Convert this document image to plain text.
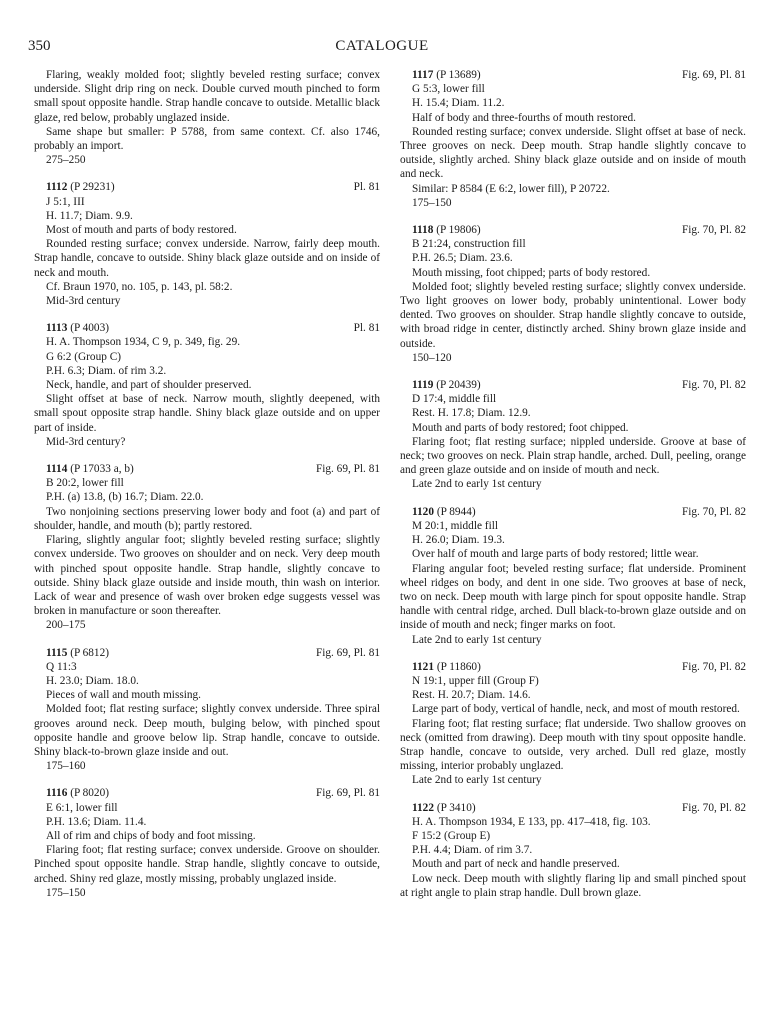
350	CATALOGUE

Flaring, weakly molded foot; slightly beveled resting surface; convex underside. Slight drip ring on neck. Double curved mouth pinched to form small spout opposite handle. Strap handle concave to outside. Metallic black glaze, red below, probably unglazed inside.

Same shape but smaller: P 5788, from same context. Cf. also 1746, probably an import.

275–250

1112 (P 29231)	Pl. 81

J 5:1, III

H. 11.7; Diam. 9.9.

Most of mouth and parts of body restored.

Rounded resting surface; convex underside. Narrow, fairly deep mouth. Strap handle, concave to outside. Shiny black glaze outside and on inside of neck and mouth.

Cf. Braun 1970, no. 105, p. 143, pl. 58:2.

Mid-3rd century

1113 (P 4003)	Pl. 81

H. A. Thompson 1934, C 9, p. 349, fig. 29.

G 6:2 (Group C)

P.H. 6.3; Diam. of rim 3.2.

Neck, handle, and part of shoulder preserved.

Slight offset at base of neck. Narrow mouth, slightly deepened, with small spout opposite strap handle. Shiny black glaze outside and on upper part of inside.

Mid-3rd century?

1114 (P 17033 a, b)	Fig. 69, Pl. 81

B 20:2, lower fill

P.H. (a) 13.8, (b) 16.7; Diam. 22.0.

Two nonjoining sections preserving lower body and foot (a) and part of shoulder, handle, and mouth (b); partly restored.

Flaring, slightly angular foot; slightly beveled resting surface; slightly convex underside. Two grooves on shoulder and on neck. Very deep mouth with pinched spout opposite handle. Strap handle, slightly concave to outside. Shiny black glaze outside and inside mouth, thin wash on interior. Lack of wear and presence of wash over broken edge suggests vessel was broken in manufacture or soon thereafter.

200–175

1115 (P 6812)	Fig. 69, Pl. 81

Q 11:3

H. 23.0; Diam. 18.0.

Pieces of wall and mouth missing.

Molded foot; flat resting surface; slightly convex underside. Three spiral grooves around neck. Deep mouth, bulging below, with pinched spout opposite handle and groove below lip. Strap handle, concave to outside. Shiny black-to-brown glaze inside and out.

175–160

1116 (P 8020)	Fig. 69, Pl. 81

E 6:1, lower fill

P.H. 13.6; Diam. 11.4.

All of rim and chips of body and foot missing.

Flaring foot; flat resting surface; convex underside. Groove on shoulder. Pinched spout opposite handle. Strap handle, slightly concave to outside, arched. Shiny red glaze, mostly missing, probably unglazed inside.

175–150

1117 (P 13689)	Fig. 69, Pl. 81

G 5:3, lower fill

H. 15.4; Diam. 11.2.

Half of body and three-fourths of mouth restored.

Rounded resting surface; convex underside. Slight offset at base of neck. Three grooves on neck. Deep mouth. Strap handle slightly concave to outside, slightly arched. Shiny black glaze outside and on inside of mouth and neck.

Similar: P 8584 (E 6:2, lower fill), P 20722.

175–150

1118 (P 19806)	Fig. 70, Pl. 82

B 21:24, construction fill

P.H. 26.5; Diam. 23.6.

Mouth missing, foot chipped; parts of body restored.

Molded foot; slightly beveled resting surface; slightly convex underside. Two light grooves on lower body, probably unintentional. Lower body dented. Two grooves on shoulder. Strap handle slightly concave to outside, with broad ridge in center, distinctly arched. Shiny brown glaze inside and outside.

150–120

1119 (P 20439)	Fig. 70, Pl. 82

D 17:4, middle fill

Rest. H. 17.8; Diam. 12.9.

Mouth and parts of body restored; foot chipped.

Flaring foot; flat resting surface; nippled underside. Groove at base of neck; two grooves on neck. Plain strap handle, arched. Dull, peeling, orange and green glaze outside and on inside of mouth and neck.

Late 2nd to early 1st century

1120 (P 8944)	Fig. 70, Pl. 82

M 20:1, middle fill

H. 26.0; Diam. 19.3.

Over half of mouth and large parts of body restored; little wear.

Flaring angular foot; beveled resting surface; flat underside. Prominent wheel ridges on body, and dent in one side. Two grooves at base of neck, two on neck. Deep mouth with large pinch for spout opposite handle. Strap handle with central ridge, arched. Dull black-to-brown glaze outside and on inside of mouth and neck; finger marks on foot.

Late 2nd to early 1st century

1121 (P 11860)	Fig. 70, Pl. 82

N 19:1, upper fill (Group F)

Rest. H. 20.7; Diam. 14.6.

Large part of body, vertical of handle, neck, and most of mouth restored.

Flaring foot; flat resting surface; flat underside. Two shallow grooves on neck (omitted from drawing). Deep mouth with tiny spout opposite handle. Strap handle, concave to outside, very arched. Dull red glaze, mostly missing, interior probably unglazed.

Late 2nd to early 1st century

1122 (P 3410)	Fig. 70, Pl. 82

H. A. Thompson 1934, E 133, pp. 417–418, fig. 103.

F 15:2 (Group E)

P.H. 4.4; Diam. of rim 3.7.

Mouth and part of neck and handle preserved.

Low neck. Deep mouth with slightly flaring lip and small pinched spout at right angle to plain strap handle. Dull brown glaze.
